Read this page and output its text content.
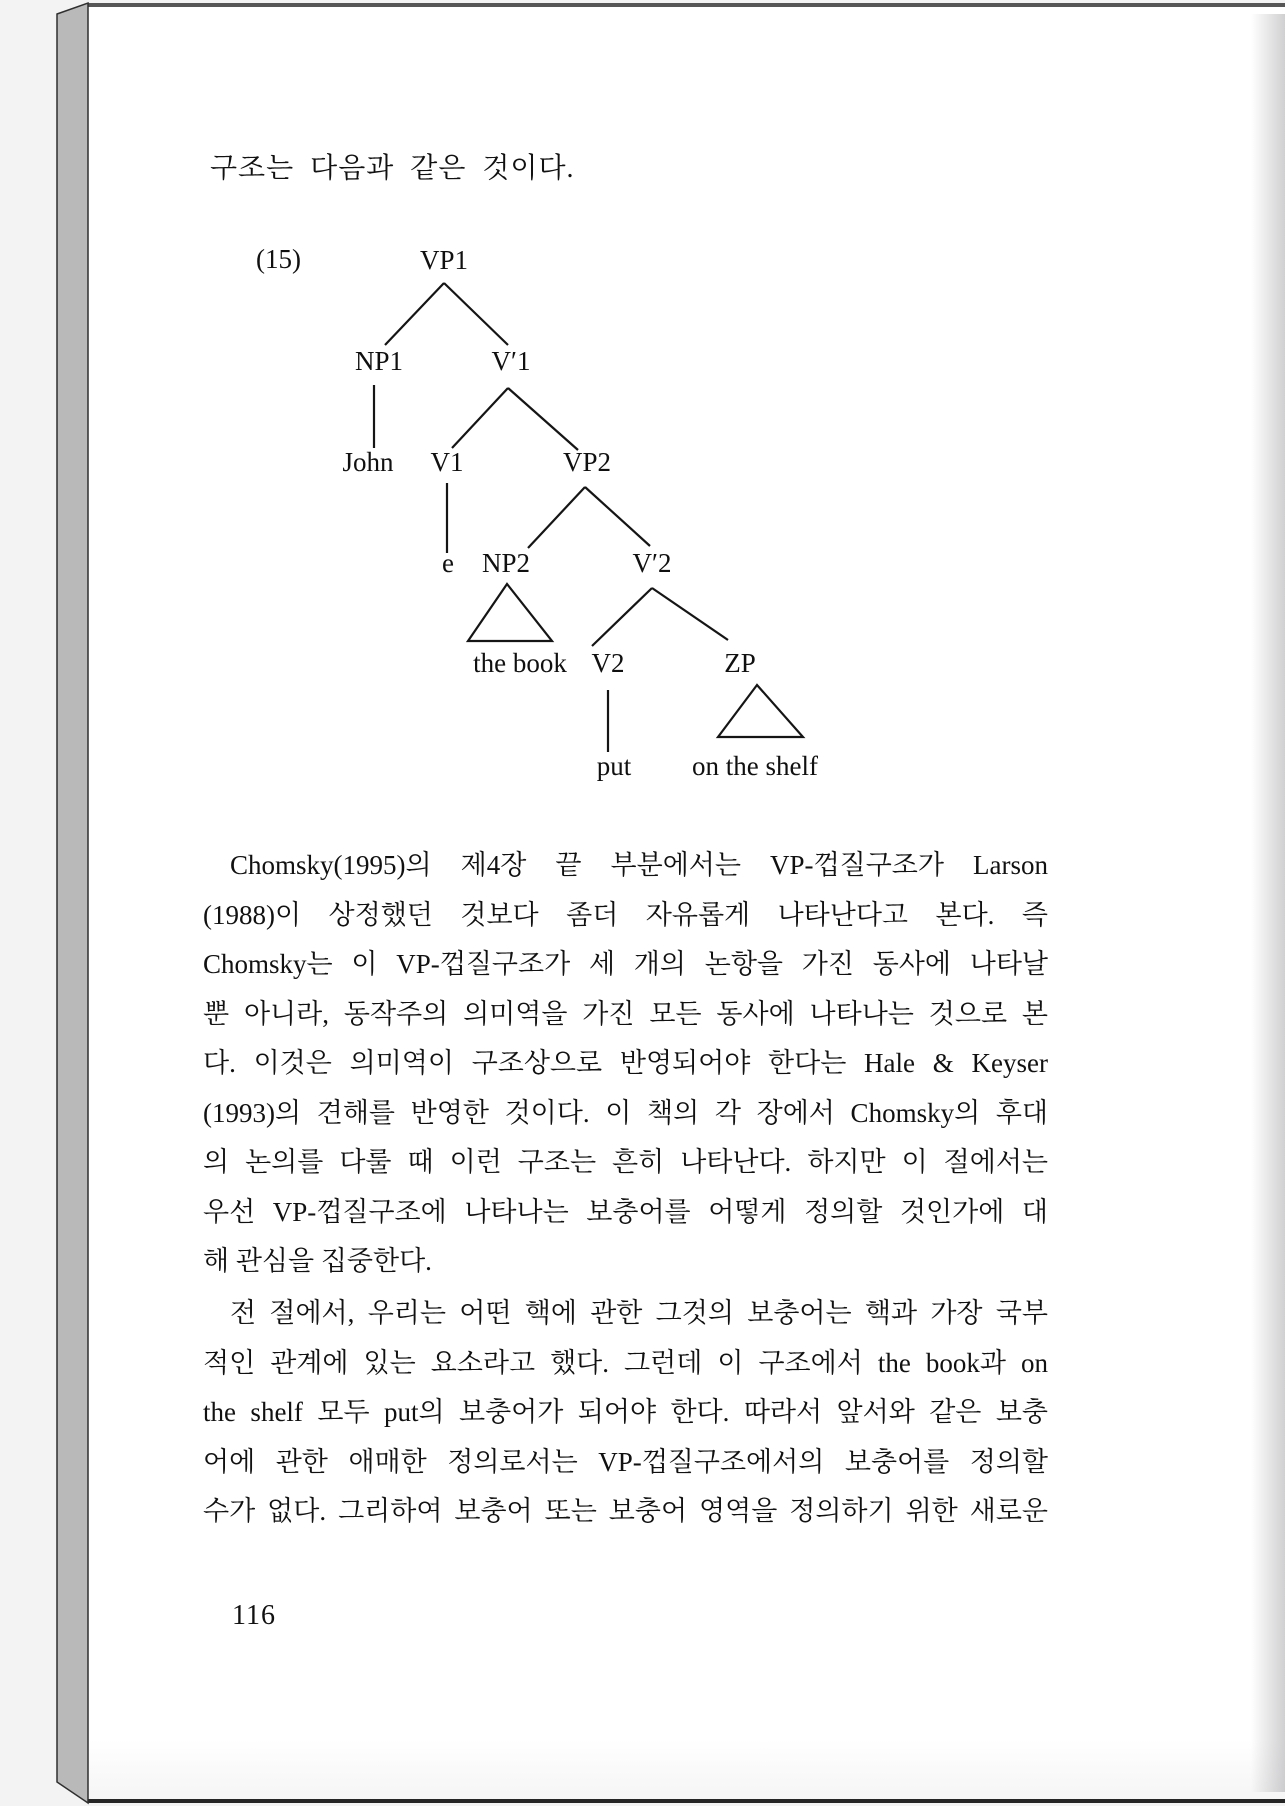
(15)	VP1
NP1	V′1
John V1	VP2
e NP2	V′2
the book V2	ZP
put on the shelf
구조는 다음과 같은 것이다.
Chomsky(1995)의 제4장 끝 부분에서는 VP-껍질구조가 Larson
(1988)이 상정했던 것보다 좀더 자유롭게 나타난다고 본다. 즉
Chomsky는 이 VP-껍질구조가 세 개의 논항을 가진 동사에 나타날
뿐 아니라, 동작주의 의미역을 가진 모든 동사에 나타나는 것으로 본
다. 이것은 의미역이 구조상으로 반영되어야 한다는 Hale & Keyser
(1993)의 견해를 반영한 것이다. 이 책의 각 장에서 Chomsky의 후대
의 논의를 다룰 때 이런 구조는 흔히 나타난다. 하지만 이 절에서는
우선 VP-껍질구조에 나타나는 보충어를 어떻게 정의할 것인가에 대
해 관심을 집중한다.
전 절에서, 우리는 어떤 핵에 관한 그것의 보충어는 핵과 가장 국부
적인 관계에 있는 요소라고 했다. 그런데 이 구조에서 the book과 on
the shelf 모두 put의 보충어가 되어야 한다. 따라서 앞서와 같은 보충
어에 관한 애매한 정의로서는 VP-껍질구조에서의 보충어를 정의할
수가 없다. 그리하여 보충어 또는 보충어 영역을 정의하기 위한 새로운
116
